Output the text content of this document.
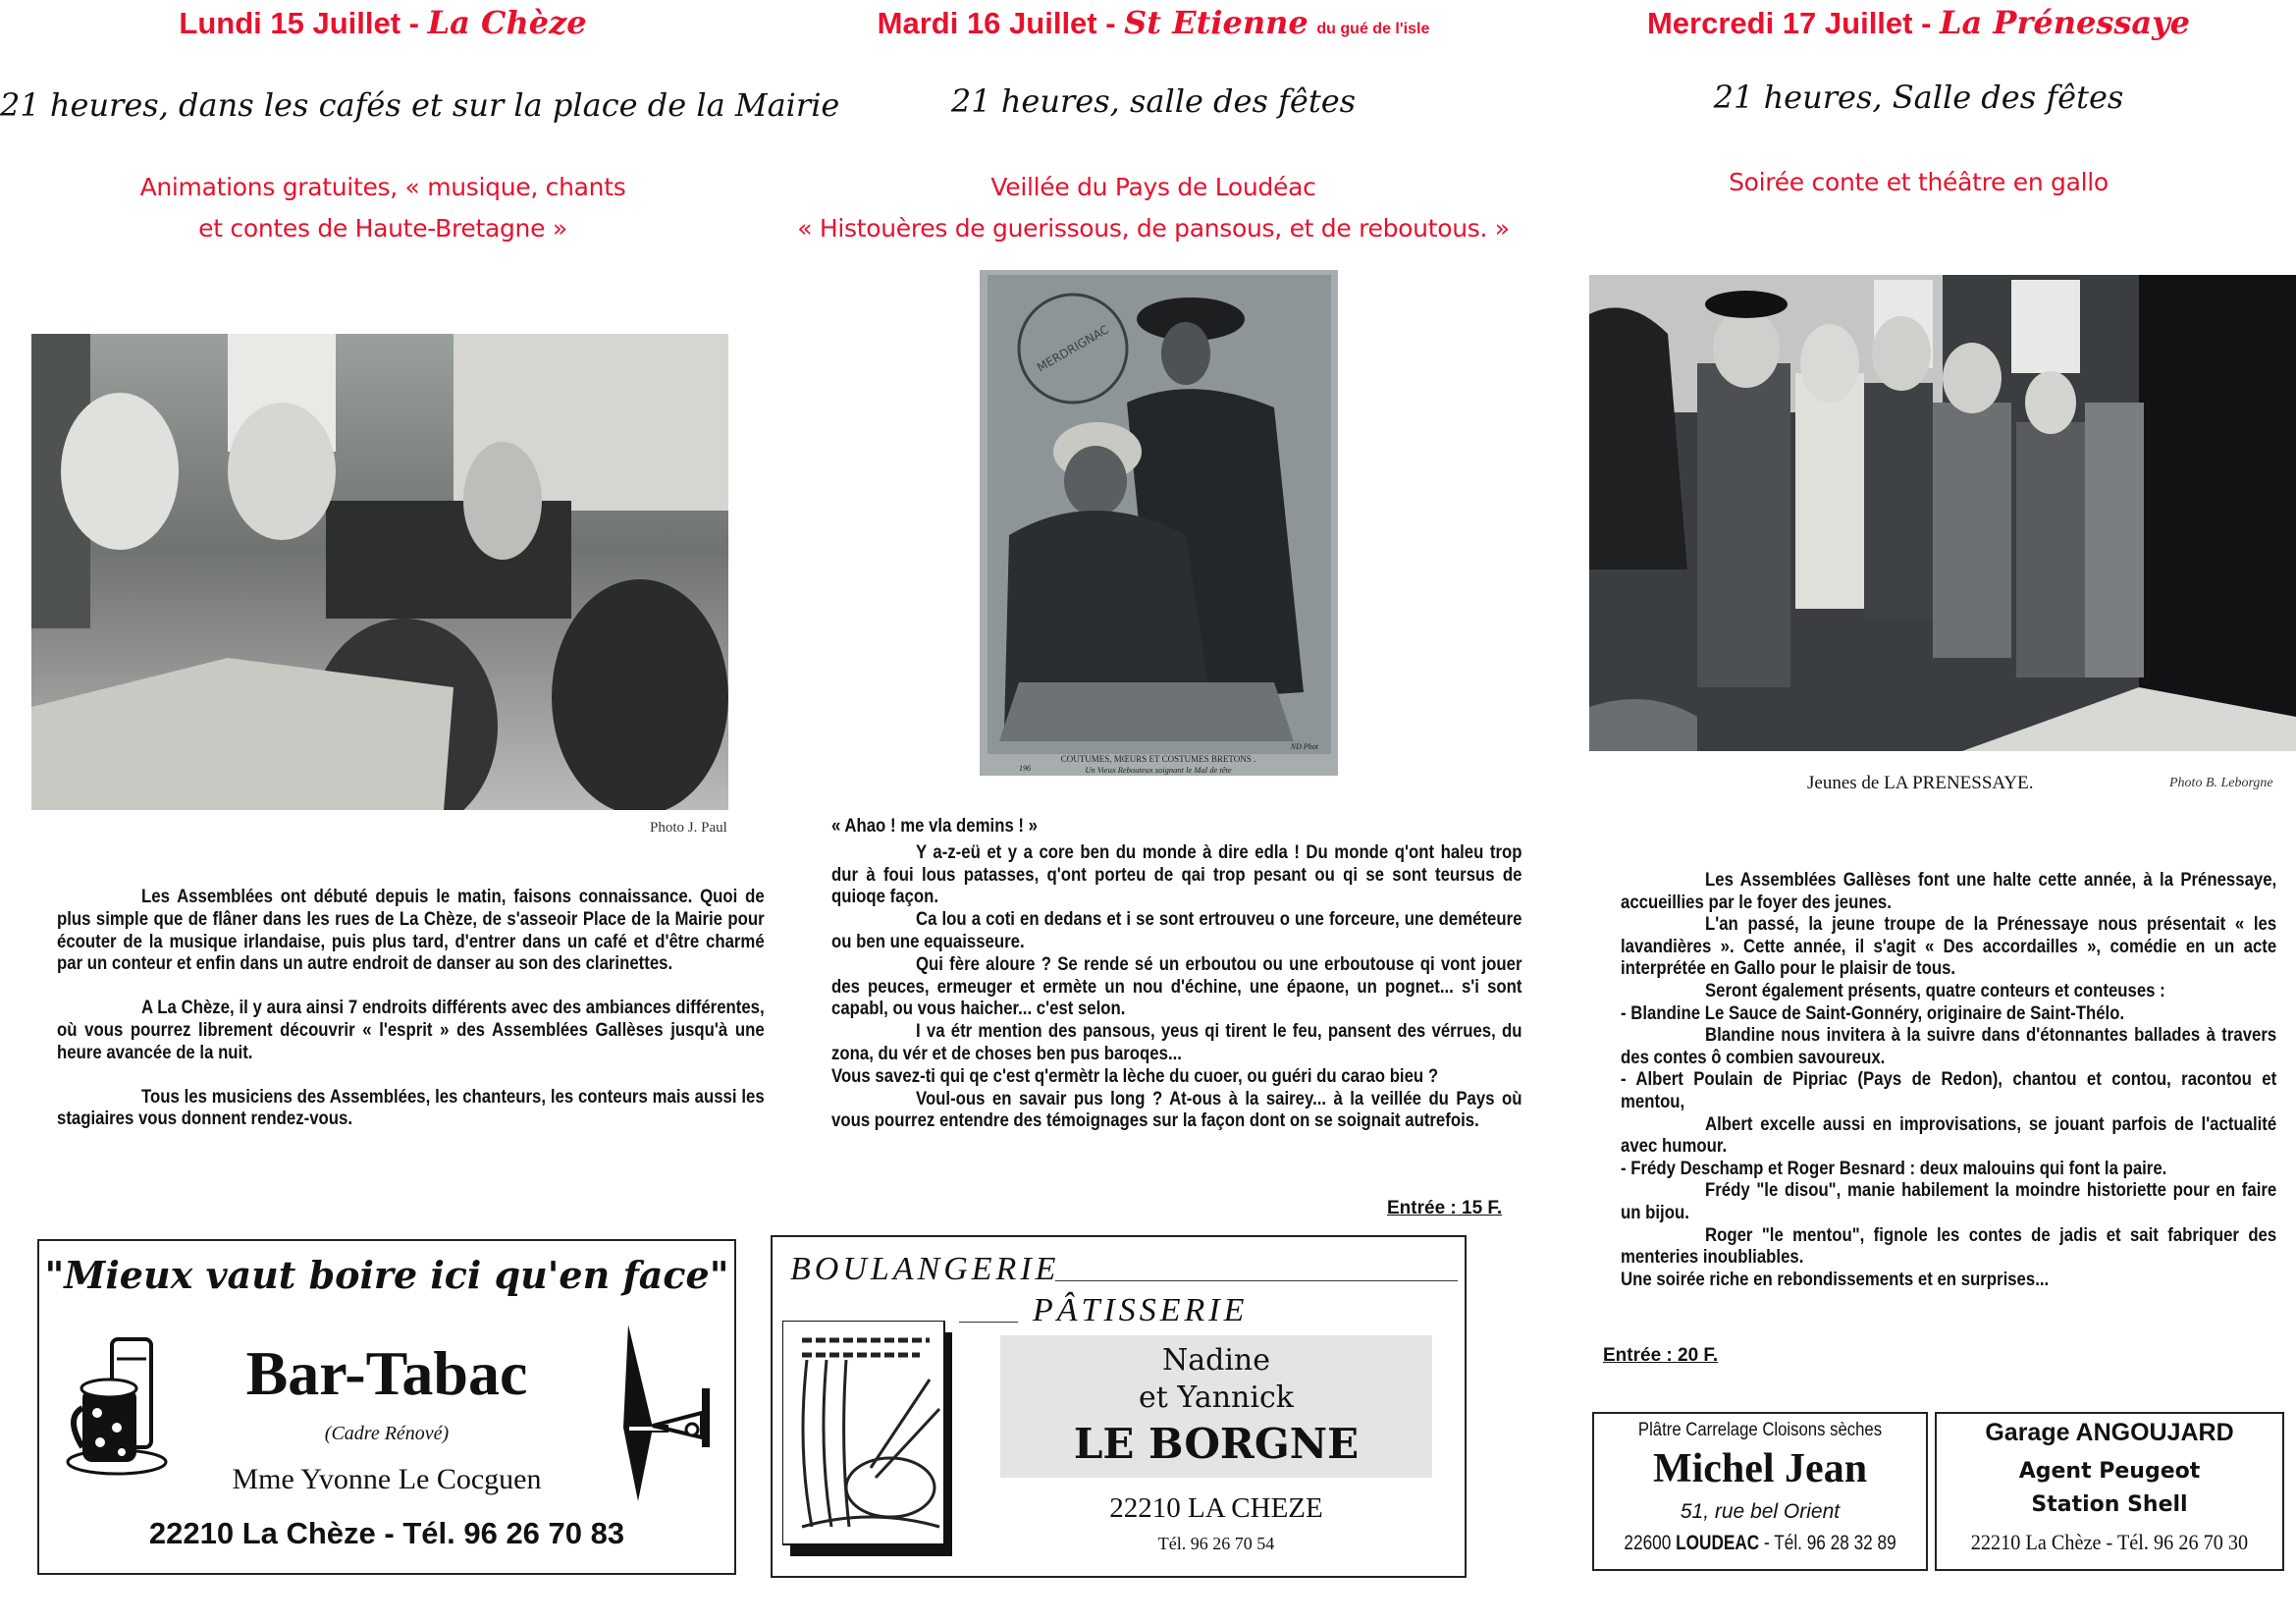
Lundi 15 Juillet - La Chèze
21 heures, dans les cafés et sur la place de la Mairie
Animations gratuites, « musique, chants
et contes de Haute-Bretagne »
Photo J. Paul

Les Assemblées ont débuté depuis le matin, faisons connaissance. Quoi de plus simple que de flâner dans les rues de La Chèze, de s'asseoir Place de la Mairie pour écouter de la musique irlandaise, puis plus tard, d'entrer dans un café et d'être charmé par un conteur et enfin dans un autre endroit de danser au son des clarinettes.

A La Chèze, il y aura ainsi 7 endroits différents avec des ambiances différentes, où vous pourrez librement découvrir « l'esprit » des Assemblées Gallèses jusqu'à une heure avancée de la nuit.

Tous les musiciens des Assemblées, les chanteurs, les conteurs mais aussi les stagiaires vous donnent rendez-vous.

"Mieux vaut boire ici qu'en face"
Bar-Tabac
(Cadre Rénové)
Mme Yvonne Le Cocguen
22210 La Chèze - Tél. 96 26 70 83
Mardi 16 Juillet - St Etienne du gué de l'isle
21 heures, salle des fêtes
Veillée du Pays de Loudéac
« Histouères de guerissous, de pansous, et de reboutous. »
MERDRIGNAC
ND Phot
196
COUTUMES, MŒURS ET COSTUMES BRETONS .
Un Vieux Rebouteux soignant le Mal de tête

« Ahao ! me vla demins ! »

Y a-z-eü et y a core ben du monde à dire edla ! Du monde q'ont haleu trop dur à foui lous patasses, q'ont porteu de qai trop pesant ou qi se sont teursus de quioqe façon.

Ca lou a coti en dedans et i se sont ertrouveu o une forceure, une deméteure ou ben une equaisseure.

Qui fère aloure ? Se rende sé un erboutou ou une erboutouse qi vont jouer des peuces, ermeuger et ermète un nou d'échine, une épaone, un pognet... s'i sont capabl, ou vous haicher... c'est selon.

I va étr mention des pansous, yeus qi tirent le feu, pansent des vérrues, du zona, du vér et de choses ben pus baroqes...

Vous savez-ti qui qe c'est q'ermètr la lèche du cuoer, ou guéri du carao bieu ?

Voul-ous en savair pus long ? At-ous à la sairey... à la veillée du Pays où vous pourrez entendre des témoignages sur la façon dont on se soignait autrefois.

Entrée : 15 F.
BOULANGERIE
PÂTISSERIE
Nadine
et Yannick
LE BORGNE
22210 LA CHEZE
Tél. 96 26 70 54
Mercredi 17 Juillet - La Prénessaye
21 heures, Salle des fêtes
Soirée conte et théâtre en gallo
Jeunes de LA PRENESSAYE.	Photo B. Leborgne

Les Assemblées Gallèses font une halte cette année, à la Prénessaye, accueillies par le foyer des jeunes.

L'an passé, la jeune troupe de la Prénessaye nous présentait « les lavandières ». Cette année, il s'agit « Des accordailles », comédie en un acte interprétée en Gallo pour le plaisir de tous.

Seront également présents, quatre conteurs et conteuses :

- Blandine Le Sauce de Saint-Gonnéry, originaire de Saint-Thélo.

Blandine nous invitera à la suivre dans d'étonnantes ballades à travers des contes ô combien savoureux.

- Albert Poulain de Pipriac (Pays de Redon), chantou et contou, racontou et mentou,

Albert excelle aussi en improvisations, se jouant parfois de l'actualité avec humour.

- Frédy Deschamp et Roger Besnard : deux malouins qui font la paire.

Frédy "le disou", manie habilement la moindre historiette pour en faire un bijou.

Roger "le mentou", fignole les contes de jadis et sait fabriquer des menteries inoubliables.

Une soirée riche en rebondissements et en surprises...

Entrée : 20 F.
Plâtre Carrelage Cloisons sèches
Michel Jean
51, rue bel Orient
22600 LOUDEAC - Tél. 96 28 32 89
Garage ANGOUJARD
Agent Peugeot
Station Shell
22210 La Chèze - Tél. 96 26 70 30
